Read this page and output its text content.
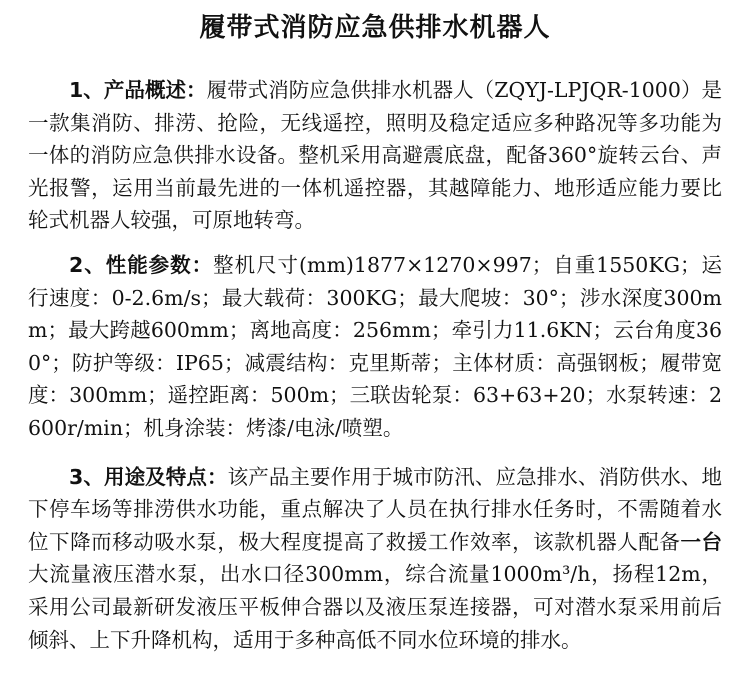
履带式消防应急供排水机器人

1、产品概述：履带式消防应急供排水机器人（ZQYJ-LPJQR-1000）是一款集消防、排涝、抢险，无线遥控，照明及稳定适应多种路况等多功能为一体的消防应急供排水设备。整机采用高避震底盘，配备360°旋转云台、声光报警，运用当前最先进的一体机遥控器，其越障能力、地形适应能力要比轮式机器人较强，可原地转弯。

2、性能参数：整机尺寸(mm)1877×1270×997；自重1550KG；运行速度：0-2.6m/s；最大载荷：300KG；最大爬坡：30°；涉水深度300mm；最大跨越600mm；离地高度：256mm；牵引力11.6KN；云台角度360°；防护等级：IP65；减震结构：克里斯蒂；主体材质：高强钢板；履带宽度：300mm；遥控距离：500m；三联齿轮泵：63+63+20；水泵转速：2600r/min；机身涂装：烤漆/电泳/喷塑。

3、用途及特点：该产品主要作用于城市防汛、应急排水、消防供水、地下停车场等排涝供水功能，重点解决了人员在执行排水任务时，不需随着水位下降而移动吸水泵，极大程度提高了救援工作效率，该款机器人配备一台大流量液压潜水泵，出水口径300mm，综合流量1000m³/h，扬程12m，采用公司最新研发液压平板伸合器以及液压泵连接器，可对潜水泵采用前后倾斜、上下升降机构，适用于多种高低不同水位环境的排水。
